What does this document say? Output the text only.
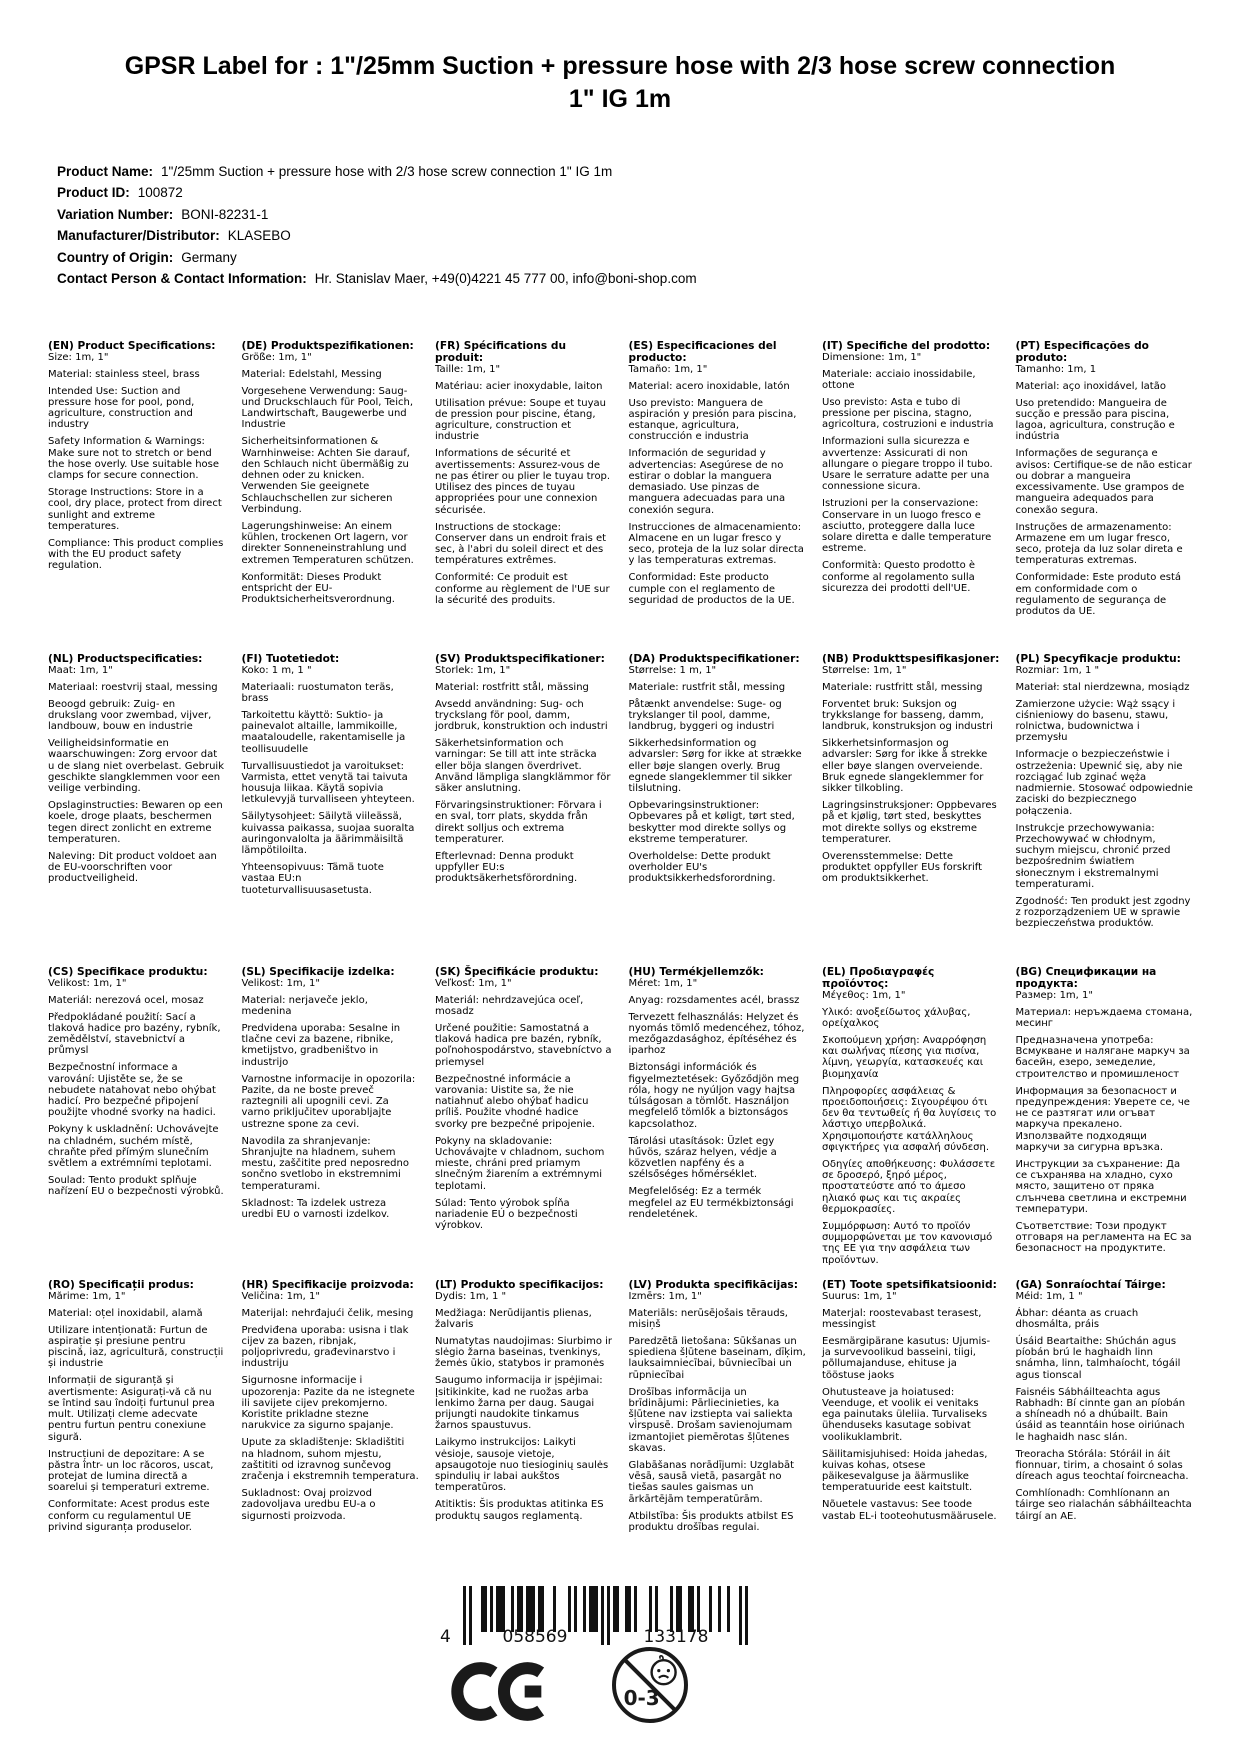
GPSR Label for : 1"/25mm Suction + pressure hose with 2/3 hose screw connection 1" IG 1m
Product Name: 1"/25mm Suction + pressure hose with 2/3 hose screw connection 1" IG 1m
Product ID: 100872
Variation Number: BONI-82231-1
Manufacturer/Distributor: KLASEBO
Country of Origin: Germany
Contact Person & Contact Information: Hr. Stanislav Maer, +49(0)4221 45 777 00, info@boni-shop.com
(EN) Product Specifications:

Size: 1m, 1"

Material: stainless steel, brass

Intended Use: Suction and pressure hose for pool, pond, agriculture, construction and industry

Safety Information & Warnings: Make sure not to stretch or bend the hose overly. Use suitable hose clamps for secure connection.

Storage Instructions: Store in a cool, dry place, protect from direct sunlight and extreme temperatures.

Compliance: This product complies with the EU product safety regulation.

(DE) Produktspezifikationen:

Größe: 1m, 1"

Material: Edelstahl, Messing

Vorgesehene Verwendung: Saug- und Druckschlauch für Pool, Teich, Landwirtschaft, Baugewerbe und Industrie

Sicherheitsinformationen & Warnhinweise: Achten Sie darauf, den Schlauch nicht übermäßig zu dehnen oder zu knicken. Verwenden Sie geeignete Schlauchschellen zur sicheren Verbindung.

Lagerungshinweise: An einem kühlen, trockenen Ort lagern, vor direkter Sonneneinstrahlung und extremen Temperaturen schützen.

Konformität: Dieses Produkt entspricht der EU-Produktsicherheitsverordnung.

(FR) Spécifications du produit:

Taille: 1m, 1"

Matériau: acier inoxydable, laiton

Utilisation prévue: Soupe et tuyau de pression pour piscine, étang, agriculture, construction et industrie

Informations de sécurité et avertissements: Assurez-vous de ne pas étirer ou plier le tuyau trop. Utilisez des pinces de tuyau appropriées pour une connexion sécurisée.

Instructions de stockage: Conserver dans un endroit frais et sec, à l'abri du soleil direct et des températures extrêmes.

Conformité: Ce produit est conforme au règlement de l'UE sur la sécurité des produits.

(ES) Especificaciones del producto:

Tamaño: 1m, 1"

Material: acero inoxidable, latón

Uso previsto: Manguera de aspiración y presión para piscina, estanque, agricultura, construcción e industria

Información de seguridad y advertencias: Asegúrese de no estirar o doblar la manguera demasiado. Use pinzas de manguera adecuadas para una conexión segura.

Instrucciones de almacenamiento: Almacene en un lugar fresco y seco, proteja de la luz solar directa y las temperaturas extremas.

Conformidad: Este producto cumple con el reglamento de seguridad de productos de la UE.

(IT) Specifiche del prodotto:

Dimensione: 1m, 1"

Materiale: acciaio inossidabile, ottone

Uso previsto: Asta e tubo di pressione per piscina, stagno, agricoltura, costruzioni e industria

Informazioni sulla sicurezza e avvertenze: Assicurati di non allungare o piegare troppo il tubo. Usare le serrature adatte per una connessione sicura.

Istruzioni per la conservazione: Conservare in un luogo fresco e asciutto, proteggere dalla luce solare diretta e dalle temperature estreme.

Conformità: Questo prodotto è conforme al regolamento sulla sicurezza dei prodotti dell'UE.

(PT) Especificações do produto:

Tamanho: 1m, 1

Material: aço inoxidável, latão

Uso pretendido: Mangueira de sucção e pressão para piscina, lagoa, agricultura, construção e indústria

Informações de segurança e avisos: Certifique-se de não esticar ou dobrar a mangueira excessivamente. Use grampos de mangueira adequados para conexão segura.

Instruções de armazenamento: Armazene em um lugar fresco, seco, proteja da luz solar direta e temperaturas extremas.

Conformidade: Este produto está em conformidade com o regulamento de segurança de produtos da UE.

(NL) Productspecificaties:

Maat: 1m, 1"

Materiaal: roestvrij staal, messing

Beoogd gebruik: Zuig- en drukslang voor zwembad, vijver, landbouw, bouw en industrie

Veiligheidsinformatie en waarschuwingen: Zorg ervoor dat u de slang niet overbelast. Gebruik geschikte slangklemmen voor een veilige verbinding.

Opslaginstructies: Bewaren op een koele, droge plaats, beschermen tegen direct zonlicht en extreme temperaturen.

Naleving: Dit product voldoet aan de EU-voorschriften voor productveiligheid.

(FI) Tuotetiedot:

Koko: 1 m, 1 "

Materiaali: ruostumaton teräs, brass

Tarkoitettu käyttö: Suktio- ja painevalot altaille, lammikoille, maataloudelle, rakentamiselle ja teollisuudelle

Turvallisuustiedot ja varoitukset: Varmista, ettet venytä tai taivuta housuja liikaa. Käytä sopivia letkulevyjä turvalliseen yhteyteen.

Säilytysohjeet: Säilytä viileässä, kuivassa paikassa, suojaa suoralta auringonvalolta ja äärimmäisiltä lämpötiloilta.

Yhteensopivuus: Tämä tuote vastaa EU:n tuoteturvallisuusasetusta.

(SV) Produktspecifikationer:

Storlek: 1m, 1"

Material: rostfritt stål, mässing

Avsedd användning: Sug- och tryckslang för pool, damm, jordbruk, konstruktion och industri

Säkerhetsinformation och varningar: Se till att inte sträcka eller böja slangen överdrivet. Använd lämpliga slangklämmor för säker anslutning.

Förvaringsinstruktioner: Förvara i en sval, torr plats, skydda från direkt solljus och extrema temperaturer.

Efterlevnad: Denna produkt uppfyller EU:s produktsäkerhetsförordning.

(DA) Produktspecifikationer:

Størrelse: 1 m, 1"

Materiale: rustfrit stål, messing

Påtænkt anvendelse: Suge- og trykslanger til pool, damme, landbrug, byggeri og industri

Sikkerhedsinformation og advarsler: Sørg for ikke at strække eller bøje slangen overly. Brug egnede slangeklemmer til sikker tilslutning.

Opbevaringsinstruktioner: Opbevares på et køligt, tørt sted, beskytter mod direkte sollys og ekstreme temperaturer.

Overholdelse: Dette produkt overholder EU's produktsikkerhedsforordning.

(NB) Produkttspesifikasjoner:

Størrelse: 1m, 1"

Materiale: rustfritt stål, messing

Forventet bruk: Suksjon og trykkslange for basseng, damm, landbruk, konstruksjon og industri

Sikkerhetsinformasjon og advarsler: Sørg for ikke å strekke eller bøye slangen overveiende. Bruk egnede slangeklemmer for sikker tilkobling.

Lagringsinstruksjoner: Oppbevares på et kjølig, tørt sted, beskyttes mot direkte sollys og ekstreme temperaturer.

Overensstemmelse: Dette produktet oppfyller EUs forskrift om produktsikkerhet.

(PL) Specyfikacje produktu:

Rozmiar: 1m, 1 "

Materiał: stal nierdzewna, mosiądz

Zamierzone użycie: Wąż ssący i ciśnieniowy do basenu, stawu, rolnictwa, budownictwa i przemysłu

Informacje o bezpieczeństwie i ostrzeżenia: Upewnić się, aby nie rozciągać lub zginać węża nadmiernie. Stosować odpowiednie zaciski do bezpiecznego połączenia.

Instrukcje przechowywania: Przechowywać w chłodnym, suchym miejscu, chronić przed bezpośrednim światłem słonecznym i ekstremalnymi temperaturami.

Zgodność: Ten produkt jest zgodny z rozporządzeniem UE w sprawie bezpieczeństwa produktów.

(CS) Specifikace produktu:

Velikost: 1m, 1"

Materiál: nerezová ocel, mosaz

Předpokládané použití: Sací a tlaková hadice pro bazény, rybník, zemědělství, stavebnictví a průmysl

Bezpečnostní informace a varování: Ujistěte se, že se nebudete natahovat nebo ohýbat hadicí. Pro bezpečné připojení použijte vhodné svorky na hadici.

Pokyny k uskladnění: Uchovávejte na chladném, suchém místě, chraňte před přímým slunečním světlem a extrémními teplotami.

Soulad: Tento produkt splňuje nařízení EU o bezpečnosti výrobků.

(SL) Specifikacije izdelka:

Velikost: 1m, 1"

Material: nerjaveče jeklo, medenina

Predvidena uporaba: Sesalne in tlačne cevi za bazene, ribnike, kmetijstvo, gradbeništvo in industrijo

Varnostne informacije in opozorila: Pazite, da ne boste preveč raztegnili ali upognili cevi. Za varno priključitev uporabljajte ustrezne spone za cevi.

Navodila za shranjevanje: Shranjujte na hladnem, suhem mestu, zaščitite pred neposredno sončno svetlobo in ekstremnimi temperaturami.

Skladnost: Ta izdelek ustreza uredbi EU o varnosti izdelkov.

(SK) Špecifikácie produktu:

Veľkosť: 1m, 1"

Materiál: nehrdzavejúca oceľ, mosadz

Určené použitie: Samostatná a tlaková hadica pre bazén, rybník, poľnohospodárstvo, stavebníctvo a priemysel

Bezpečnostné informácie a varovania: Uistite sa, že nie natiahnuť alebo ohýbať hadicu príliš. Použite vhodné hadice svorky pre bezpečné pripojenie.

Pokyny na skladovanie: Uchovávajte v chladnom, suchom mieste, chráni pred priamym slnečným žiarením a extrémnymi teplotami.

Súlad: Tento výrobok spĺňa nariadenie EÚ o bezpečnosti výrobkov.

(HU) Termékjellemzők:

Méret: 1m, 1"

Anyag: rozsdamentes acél, brassz

Tervezett felhasználás: Helyzet és nyomás tömlő medencéhez, tóhoz, mezőgazdasághoz, építéséhez és iparhoz

Biztonsági információk és figyelmeztetések: Győződjön meg róla, hogy ne nyúljon vagy hajtsa túlságosan a tömlőt. Használjon megfelelő tömlők a biztonságos kapcsolathoz.

Tárolási utasítások: Üzlet egy hűvös, száraz helyen, védje a közvetlen napfény és a szélsőséges hőmérséklet.

Megfelelőség: Ez a termék megfelel az EU termékbiztonsági rendeletének.

(EL) Προδιαγραφές προϊόντος:

Μέγεθος: 1m, 1"

Υλικό: ανοξείδωτος χάλυβας, ορείχαλκος

Σκοπούμενη χρήση: Αναρρόφηση και σωλήνας πίεσης για πισίνα, λίμνη, γεωργία, κατασκευές και βιομηχανία

Πληροφορίες ασφάλειας & προειδοποιήσεις: Σιγουρέψου ότι δεν θα τεντωθείς ή θα λυγίσεις το λάστιχο υπερβολικά. Χρησιμοποιήστε κατάλληλους σφιγκτήρες για ασφαλή σύνδεση.

Οδηγίες αποθήκευσης: Φυλάσσετε σε δροσερό, ξηρό μέρος, προστατεύστε από το άμεσο ηλιακό φως και τις ακραίες θερμοκρασίες.

Συμμόρφωση: Αυτό το προϊόν συμμορφώνεται με τον κανονισμό της ΕΕ για την ασφάλεια των προϊόντων.

(BG) Спецификации на продукта:

Размер: 1m, 1"

Материал: неръждаема стомана, месинг

Предназначена употреба: Всмукване и налягане маркуч за басейн, езеро, земеделие, строителство и промишленост

Информация за безопасност и предупреждения: Уверете се, че не се разтягат или огъват маркуча прекалено. Използвайте подходящи маркучи за сигурна връзка.

Инструкции за съхранение: Да се съхранява на хладно, сухо място, защитено от пряка слънчева светлина и екстремни температури.

Съответствие: Този продукт отговаря на регламента на ЕС за безопасност на продуктите.

(RO) Specificații produs:

Mărime: 1m, 1"

Material: oțel inoxidabil, alamă

Utilizare intenționată: Furtun de aspirație și presiune pentru piscină, iaz, agricultură, construcții și industrie

Informații de siguranță și avertismente: Asigurați-vă că nu se întind sau îndoiți furtunul prea mult. Utilizați cleme adecvate pentru furtun pentru conexiune sigură.

Instrucțiuni de depozitare: A se păstra într- un loc răcoros, uscat, protejat de lumina directă a soarelui și temperaturi extreme.

Conformitate: Acest produs este conform cu regulamentul UE privind siguranța produselor.

(HR) Specifikacije proizvoda:

Veličina: 1m, 1"

Materijal: nehrđajući čelik, mesing

Predviđena uporaba: usisna i tlak cijev za bazen, ribnjak, poljoprivredu, građevinarstvo i industriju

Sigurnosne informacije i upozorenja: Pazite da ne istegnete ili savijete cijev prekomjerno. Koristite prikladne stezne narukvice za sigurno spajanje.

Upute za skladištenje: Skladištiti na hladnom, suhom mjestu, zaštititi od izravnog sunčevog zračenja i ekstremnih temperatura.

Sukladnost: Ovaj proizvod zadovoljava uredbu EU-a o sigurnosti proizvoda.

(LT) Produkto specifikacijos:

Dydis: 1m, 1 "

Medžiaga: Nerūdijantis plienas, žalvaris

Numatytas naudojimas: Siurbimo ir slėgio žarna baseinas, tvenkinys, žemės ūkio, statybos ir pramonės

Saugumo informacija ir įspėjimai: Įsitikinkite, kad ne ruožas arba lenkimo žarna per daug. Saugai prijungti naudokite tinkamus žarnos spaustuvus.

Laikymo instrukcijos: Laikyti vėsioje, sausoje vietoje, apsaugotoje nuo tiesioginių saulės spindulių ir labai aukštos temperatūros.

Atitiktis: Šis produktas atitinka ES produktų saugos reglamentą.

(LV) Produkta specifikācijas:

Izmērs: 1m, 1"

Materiāls: nerūsējošais tērauds, misiņš

Paredzētā lietošana: Sūkšanas un spiediena šļūtene baseinam, dīķim, lauksaimniecībai, būvniecībai un rūpniecībai

Drošības informācija un brīdinājumi: Pārliecinieties, ka šļūtene nav izstiepta vai saliekta virspusē. Drošam savienojumam izmantojiet piemērotas šļūtenes skavas.

Glabāšanas norādījumi: Uzglabāt vēsā, sausā vietā, pasargāt no tiešas saules gaismas un ārkārtējām temperatūrām.

Atbilstība: Šis produkts atbilst ES produktu drošības regulai.

(ET) Toote spetsifikatsioonid:

Suurus: 1m, 1"

Materjal: roostevabast terasest, messingist

Eesmärgipärane kasutus: Ujumis- ja survevoolikud basseini, tiigi, põllumajanduse, ehituse ja tööstuse jaoks

Ohutusteave ja hoiatused: Veenduge, et voolik ei venitaks ega painutaks üleliia. Turvaliseks ühenduseks kasutage sobivat voolikuklambrit.

Säilitamisjuhised: Hoida jahedas, kuivas kohas, otsese päikesevalguse ja äärmuslike temperatuuride eest kaitstult.

Nõuetele vastavus: See toode vastab EL-i tooteohutusmäärusele.

(GA) Sonraíochtaí Táirge:

Méid: 1m, 1 "

Ábhar: déanta as cruach dhosmálta, práis

Úsáid Beartaithe: Shúchán agus píobán brú le haghaidh linn snámha, linn, talmhaíocht, tógáil agus tionscal

Faisnéis Sábháilteachta agus Rabhadh: Bí cinnte gan an píobán a shíneadh nó a dhúbailt. Bain úsáid as teanntáin hose oiriúnach le haghaidh nasc slán.

Treoracha Stórála: Stóráil in áit fionnuar, tirim, a chosaint ó solas díreach agus teochtaí foircneacha.

Comhlíonadh: Comhlíonann an táirge seo rialachán sábháilteachta táirgí an AE.

4	058569	133178
0-3
